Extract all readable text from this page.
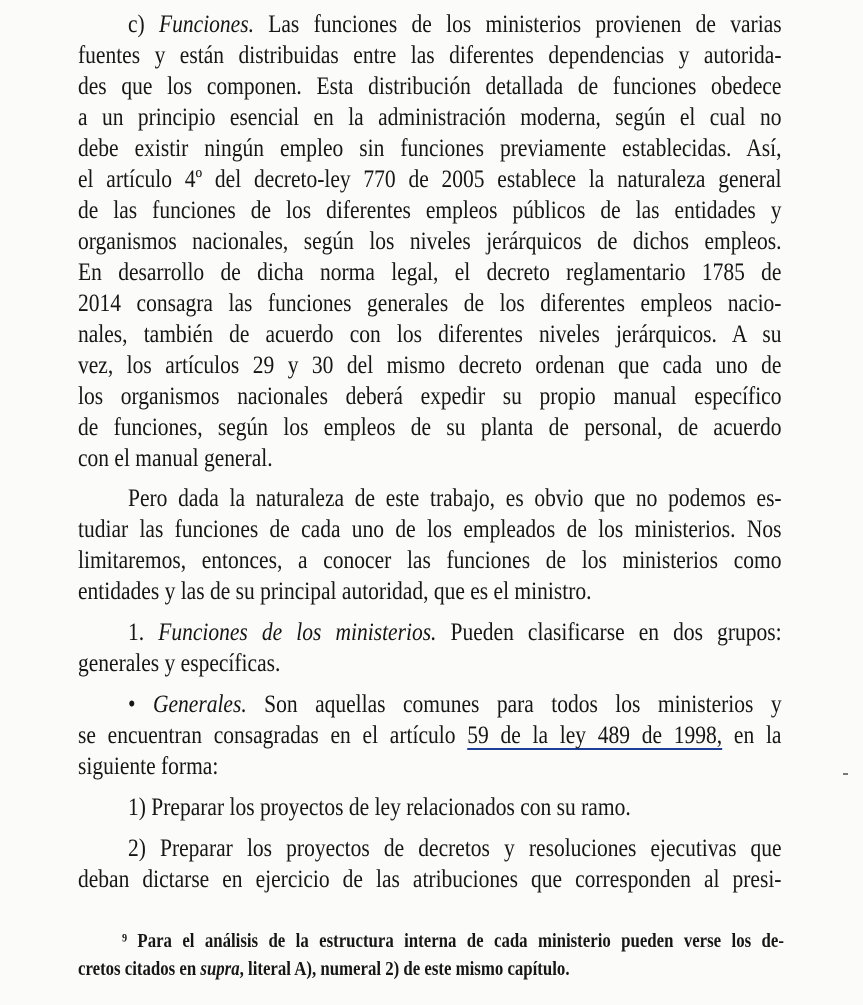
c) Funciones. Las funciones de los ministerios provienen de varias
fuentes y están distribuidas entre las diferentes dependencias y autorida-
des que los componen. Esta distribución detallada de funciones obedece
a un principio esencial en la administración moderna, según el cual no
debe existir ningún empleo sin funciones previamente establecidas. Así,
el artículo 4º del decreto-ley 770 de 2005 establece la naturaleza general
de las funciones de los diferentes empleos públicos de las entidades y
organismos nacionales, según los niveles jerárquicos de dichos empleos.
En desarrollo de dicha norma legal, el decreto reglamentario 1785 de
2014 consagra las funciones generales de los diferentes empleos nacio-
nales, también de acuerdo con los diferentes niveles jerárquicos. A su
vez, los artículos 29 y 30 del mismo decreto ordenan que cada uno de
los organismos nacionales deberá expedir su propio manual específico
de funciones, según los empleos de su planta de personal, de acuerdo
con el manual general.
Pero dada la naturaleza de este trabajo, es obvio que no podemos es-
tudiar las funciones de cada uno de los empleados de los ministerios. Nos
limitaremos, entonces, a conocer las funciones de los ministerios como
entidades y las de su principal autoridad, que es el ministro.
1. Funciones de los ministerios. Pueden clasificarse en dos grupos:
generales y específicas.
• Generales. Son aquellas comunes para todos los ministerios y
se encuentran consagradas en el artículo 59 de la ley 489 de 1998, en la
siguiente forma:
1) Preparar los proyectos de ley relacionados con su ramo.
2) Preparar los proyectos de decretos y resoluciones ejecutivas que
deban dictarse en ejercicio de las atribuciones que corresponden al presi-
⁹ Para el análisis de la estructura interna de cada ministerio pueden verse los de-
cretos citados en supra, literal A), numeral 2) de este mismo capítulo.
